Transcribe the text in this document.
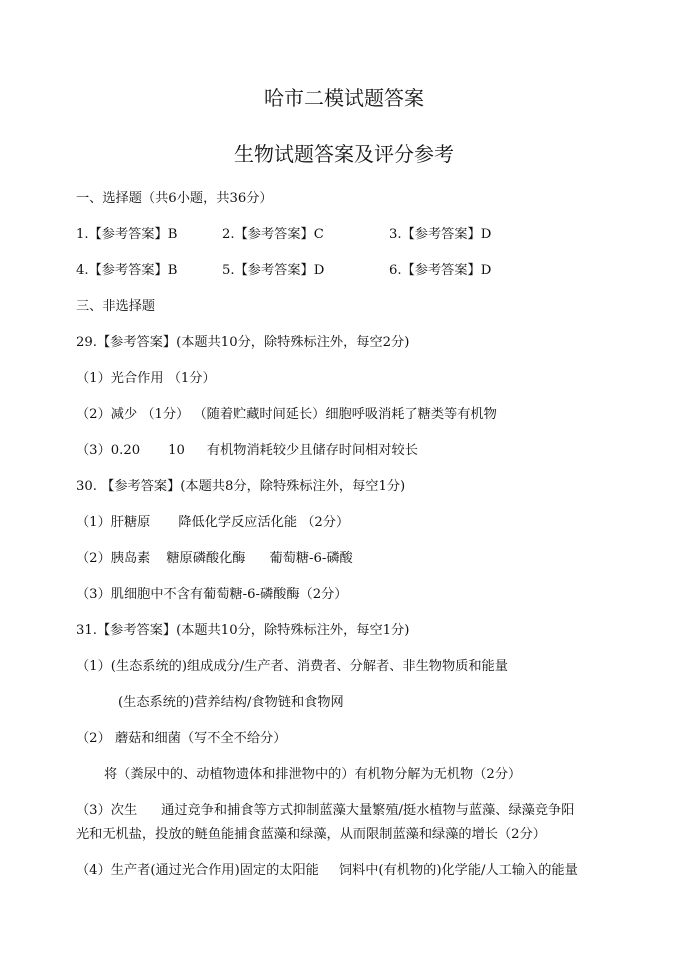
哈市二模试题答案
生物试题答案及评分参考
一、选择题（共6小题，共36分）
1.【参考答案】B	2.【参考答案】C	3.【参考答案】D
4.【参考答案】B	5.【参考答案】D	6.【参考答案】D
三、非选择题
29.【参考答案】(本题共10分，除特殊标注外，每空2分)
（1）光合作用 （1分）
（2）减少 （1分） （随着贮藏时间延长）细胞呼吸消耗了糖类等有机物
（3）0.20 10 有机物消耗较少且储存时间相对较长
30. 【参考答案】(本题共8分，除特殊标注外，每空1分)
（1）肝糖原 降低化学反应活化能 （2分）
（2）胰岛素 糖原磷酸化酶 葡萄糖-6-磷酸
（3）肌细胞中不含有葡萄糖-6-磷酸酶（2分）
31.【参考答案】(本题共10分，除特殊标注外，每空1分)
（1）(生态系统的)组成成分/生产者、消费者、分解者、非生物物质和能量
(生态系统的)营养结构/食物链和食物网
（2） 蘑菇和细菌（写不全不给分）
将（粪尿中的、动植物遗体和排泄物中的）有机物分解为无机物（2分）
（3）次生 通过竞争和捕食等方式抑制蓝藻大量繁殖/挺水植物与蓝藻、绿藻竞争阳
光和无机盐，投放的鲢鱼能捕食蓝藻和绿藻，从而限制蓝藻和绿藻的增长（2分）
（4）生产者(通过光合作用)固定的太阳能 饲料中(有机物的)化学能/人工输入的能量
